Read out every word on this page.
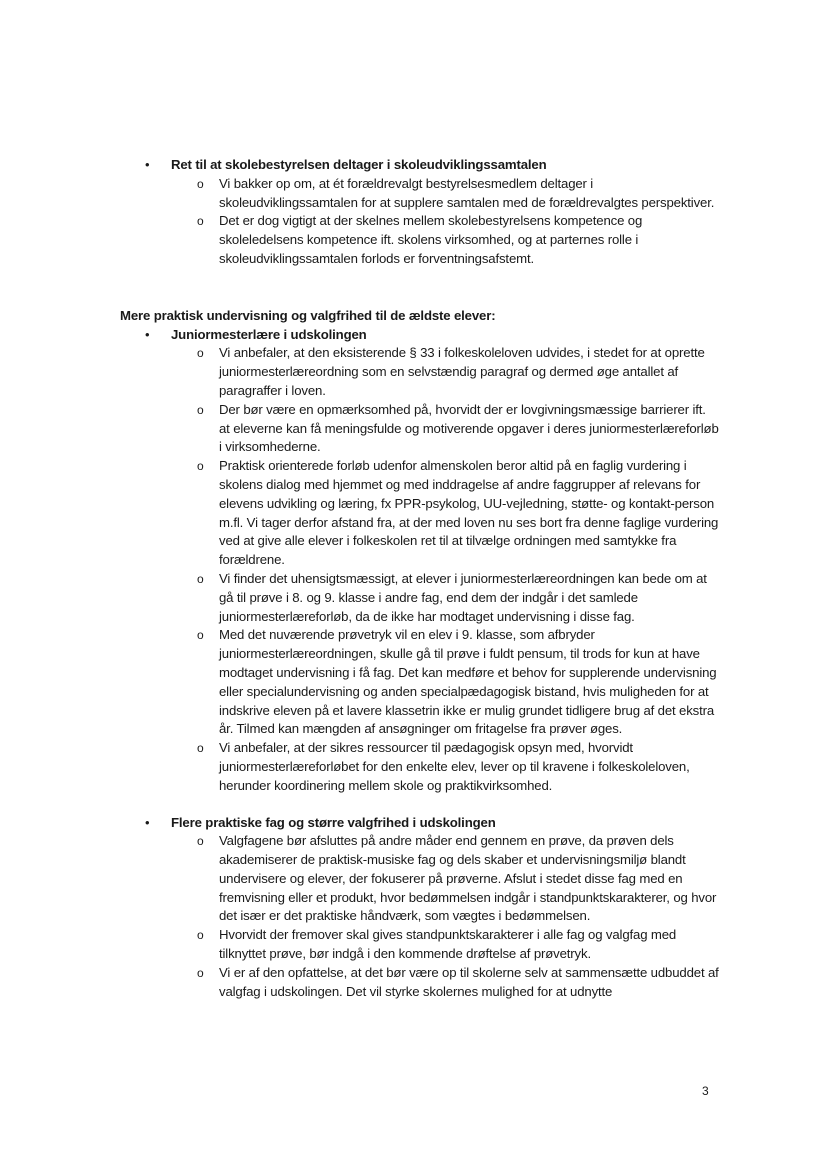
• Ret til at skolebestyrelsen deltager i skoleudviklingssamtalen
o Vi bakker op om, at ét forældrevalgt bestyrelsesmedlem deltager i skoleudviklingssamtalen for at supplere samtalen med de forældrevalgtes perspektiver.
o Det er dog vigtigt at der skelnes mellem skolebestyrelsens kompetence og skoleledelsens kompetence ift. skolens virksomhed, og at parternes rolle i skoleudviklingssamtalen forlods er forventningsafstemt.
Mere praktisk undervisning og valgfrihed til de ældste elever:
• Juniormesterlære i udskolingen
o Vi anbefaler, at den eksisterende § 33 i folkeskoleloven udvides, i stedet for at oprette juniormesterlæreordning som en selvstændig paragraf og dermed øge antallet af paragraffer i loven.
o Der bør være en opmærksomhed på, hvorvidt der er lovgivningsmæssige barrierer ift. at eleverne kan få meningsfulde og motiverende opgaver i deres juniormesterlæreforløb i virksomhederne.
o Praktisk orienterede forløb udenfor almenskolen beror altid på en faglig vurdering i skolens dialog med hjemmet og med inddragelse af andre faggrupper af relevans for elevens udvikling og læring, fx PPR-psykolog, UU-vejledning, støtte- og kontakt-person m.fl. Vi tager derfor afstand fra, at der med loven nu ses bort fra denne faglige vurdering ved at give alle elever i folkeskolen ret til at tilvælge ordningen med samtykke fra forældrene.
o Vi finder det uhensigtsmæssigt, at elever i juniormesterlæreordningen kan bede om at gå til prøve i 8. og 9. klasse i andre fag, end dem der indgår i det samlede juniormesterlæreforløb, da de ikke har modtaget undervisning i disse fag.
o Med det nuværende prøvetryk vil en elev i 9. klasse, som afbryder juniormesterlæreordningen, skulle gå til prøve i fuldt pensum, til trods for kun at have modtaget undervisning i få fag. Det kan medføre et behov for supplerende undervisning eller specialundervisning og anden specialpædagogisk bistand, hvis muligheden for at indskrive eleven på et lavere klassetrin ikke er mulig grundet tidligere brug af det ekstra år. Tilmed kan mængden af ansøgninger om fritagelse fra prøver øges.
o Vi anbefaler, at der sikres ressourcer til pædagogisk opsyn med, hvorvidt juniormesterlæreforløbet for den enkelte elev, lever op til kravene i folkeskoleloven, herunder koordinering mellem skole og praktikvirksomhed.
• Flere praktiske fag og større valgfrihed i udskolingen
o Valgfagene bør afsluttes på andre måder end gennem en prøve, da prøven dels akademiserer de praktisk-musiske fag og dels skaber et undervisningsmiljø blandt undervisere og elever, der fokuserer på prøverne. Afslut i stedet disse fag med en fremvisning eller et produkt, hvor bedømmelsen indgår i standpunktskarakterer, og hvor det især er det praktiske håndværk, som vægtes i bedømmelsen.
o Hvorvidt der fremover skal gives standpunktskarakterer i alle fag og valgfag med tilknyttet prøve, bør indgå i den kommende drøftelse af prøvetryk.
o Vi er af den opfattelse, at det bør være op til skolerne selv at sammensætte udbuddet af valgfag i udskolingen. Det vil styrke skolernes mulighed for at udnytte
3
